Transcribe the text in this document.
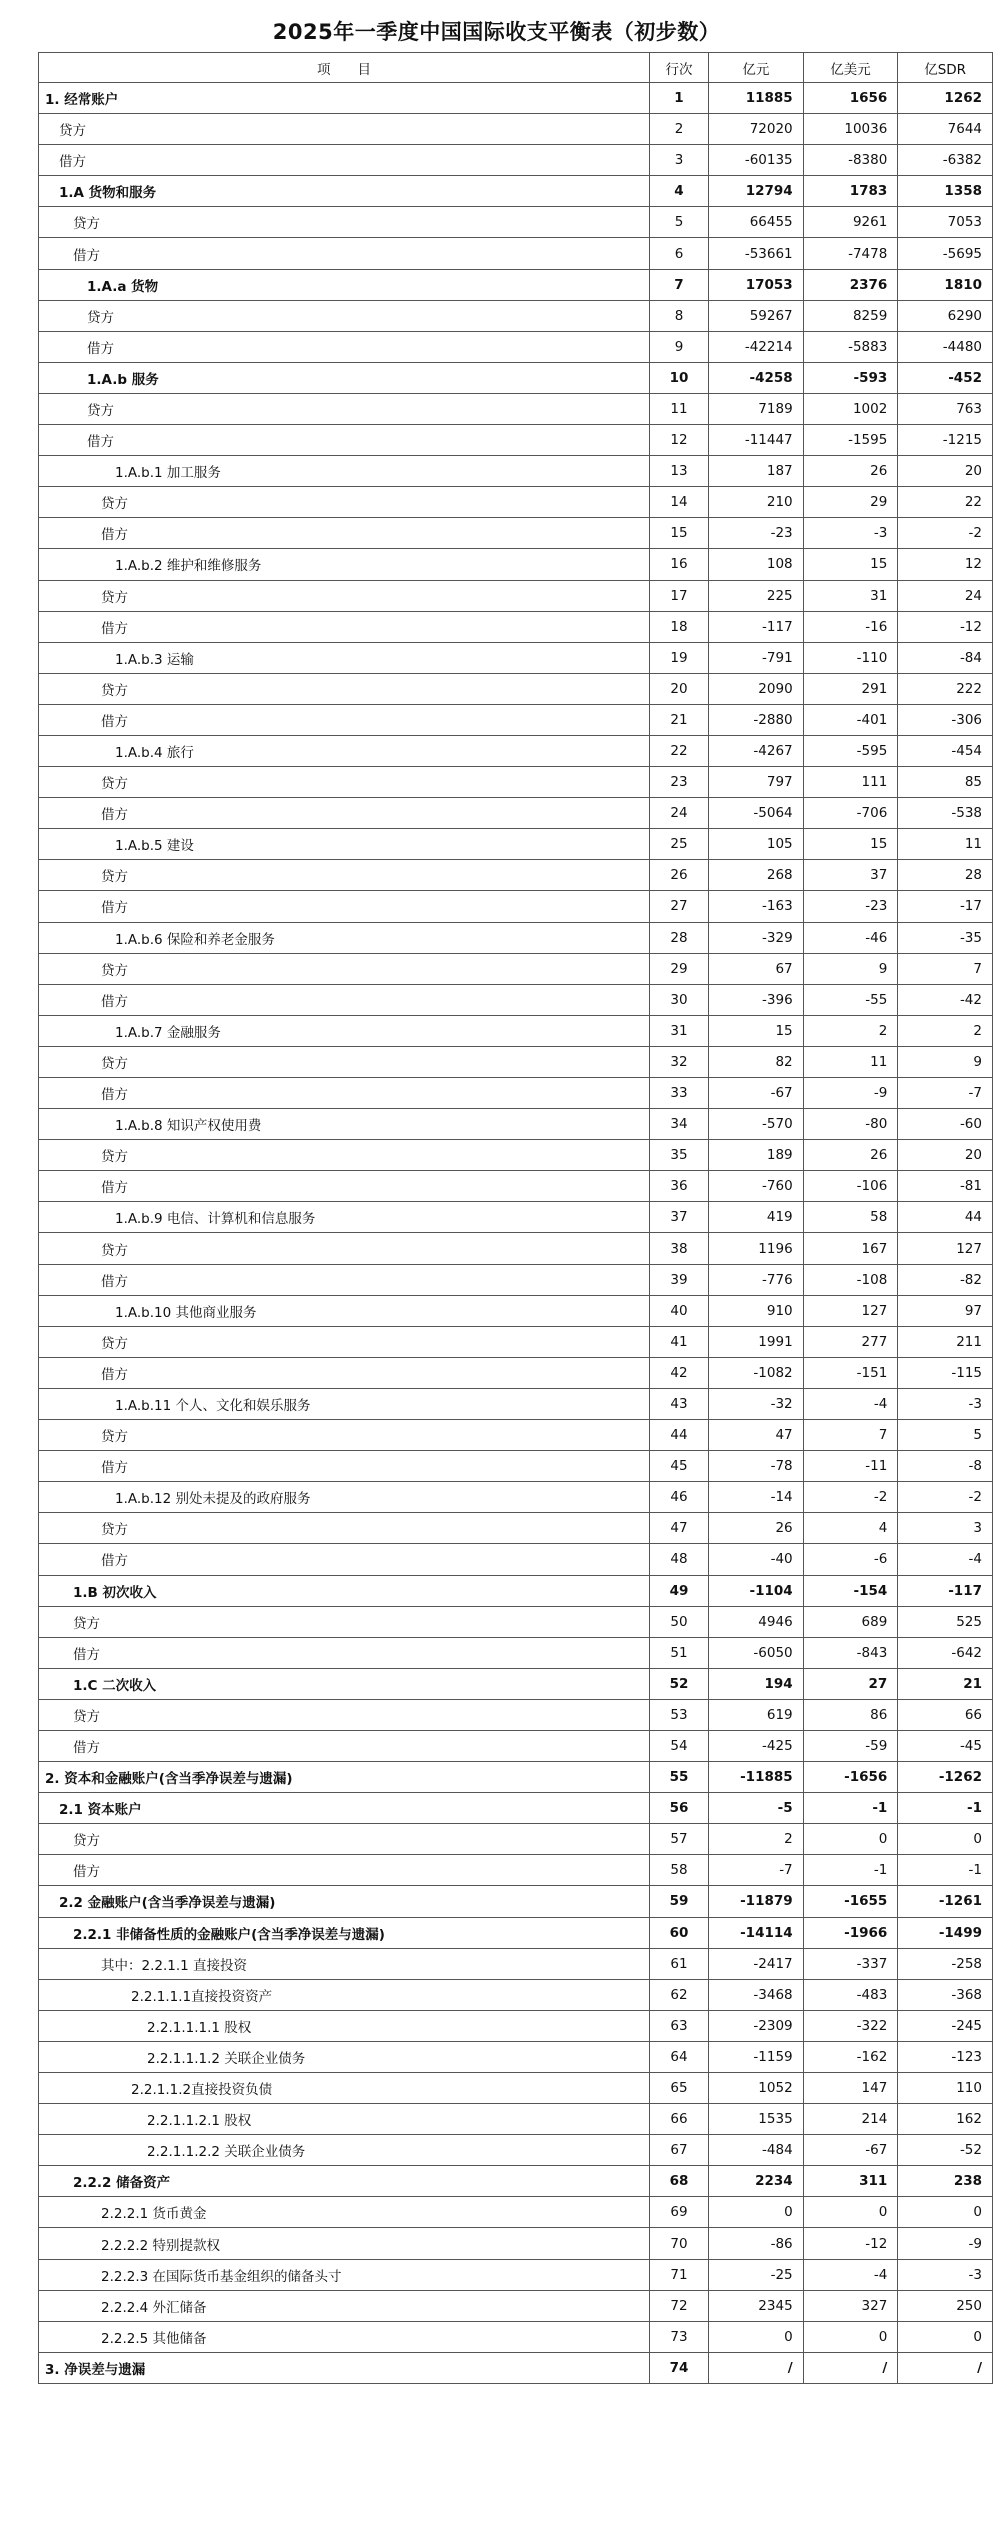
2025年一季度中国国际收支平衡表（初步数）
项　　目	行次	亿元	亿美元	亿SDR
1. 经常账户	1	11885	1656	1262
贷方	2	72020	10036	7644
借方	3	-60135	-8380	-6382
1.A 货物和服务	4	12794	1783	1358
贷方	5	66455	9261	7053
借方	6	-53661	-7478	-5695
1.A.a 货物	7	17053	2376	1810
贷方	8	59267	8259	6290
借方	9	-42214	-5883	-4480
1.A.b 服务	10	-4258	-593	-452
贷方	11	7189	1002	763
借方	12	-11447	-1595	-1215
1.A.b.1 加工服务	13	187	26	20
贷方	14	210	29	22
借方	15	-23	-3	-2
1.A.b.2 维护和维修服务	16	108	15	12
贷方	17	225	31	24
借方	18	-117	-16	-12
1.A.b.3 运输	19	-791	-110	-84
贷方	20	2090	291	222
借方	21	-2880	-401	-306
1.A.b.4 旅行	22	-4267	-595	-454
贷方	23	797	111	85
借方	24	-5064	-706	-538
1.A.b.5 建设	25	105	15	11
贷方	26	268	37	28
借方	27	-163	-23	-17
1.A.b.6 保险和养老金服务	28	-329	-46	-35
贷方	29	67	9	7
借方	30	-396	-55	-42
1.A.b.7 金融服务	31	15	2	2
贷方	32	82	11	9
借方	33	-67	-9	-7
1.A.b.8 知识产权使用费	34	-570	-80	-60
贷方	35	189	26	20
借方	36	-760	-106	-81
1.A.b.9 电信、计算机和信息服务	37	419	58	44
贷方	38	1196	167	127
借方	39	-776	-108	-82
1.A.b.10 其他商业服务	40	910	127	97
贷方	41	1991	277	211
借方	42	-1082	-151	-115
1.A.b.11 个人、文化和娱乐服务	43	-32	-4	-3
贷方	44	47	7	5
借方	45	-78	-11	-8
1.A.b.12 别处未提及的政府服务	46	-14	-2	-2
贷方	47	26	4	3
借方	48	-40	-6	-4
1.B 初次收入	49	-1104	-154	-117
贷方	50	4946	689	525
借方	51	-6050	-843	-642
1.C 二次收入	52	194	27	21
贷方	53	619	86	66
借方	54	-425	-59	-45
2. 资本和金融账户(含当季净误差与遗漏)	55	-11885	-1656	-1262
2.1 资本账户	56	-5	-1	-1
贷方	57	2	0	0
借方	58	-7	-1	-1
2.2 金融账户(含当季净误差与遗漏)	59	-11879	-1655	-1261
2.2.1 非储备性质的金融账户(含当季净误差与遗漏)	60	-14114	-1966	-1499
其中：2.2.1.1 直接投资	61	-2417	-337	-258
2.2.1.1.1直接投资资产	62	-3468	-483	-368
2.2.1.1.1.1 股权	63	-2309	-322	-245
2.2.1.1.1.2 关联企业债务	64	-1159	-162	-123
2.2.1.1.2直接投资负债	65	1052	147	110
2.2.1.1.2.1 股权	66	1535	214	162
2.2.1.1.2.2 关联企业债务	67	-484	-67	-52
2.2.2 储备资产	68	2234	311	238
2.2.2.1 货币黄金	69	0	0	0
2.2.2.2 特别提款权	70	-86	-12	-9
2.2.2.3 在国际货币基金组织的储备头寸	71	-25	-4	-3
2.2.2.4 外汇储备	72	2345	327	250
2.2.2.5 其他储备	73	0	0	0
3. 净误差与遗漏	74	/	/	/
